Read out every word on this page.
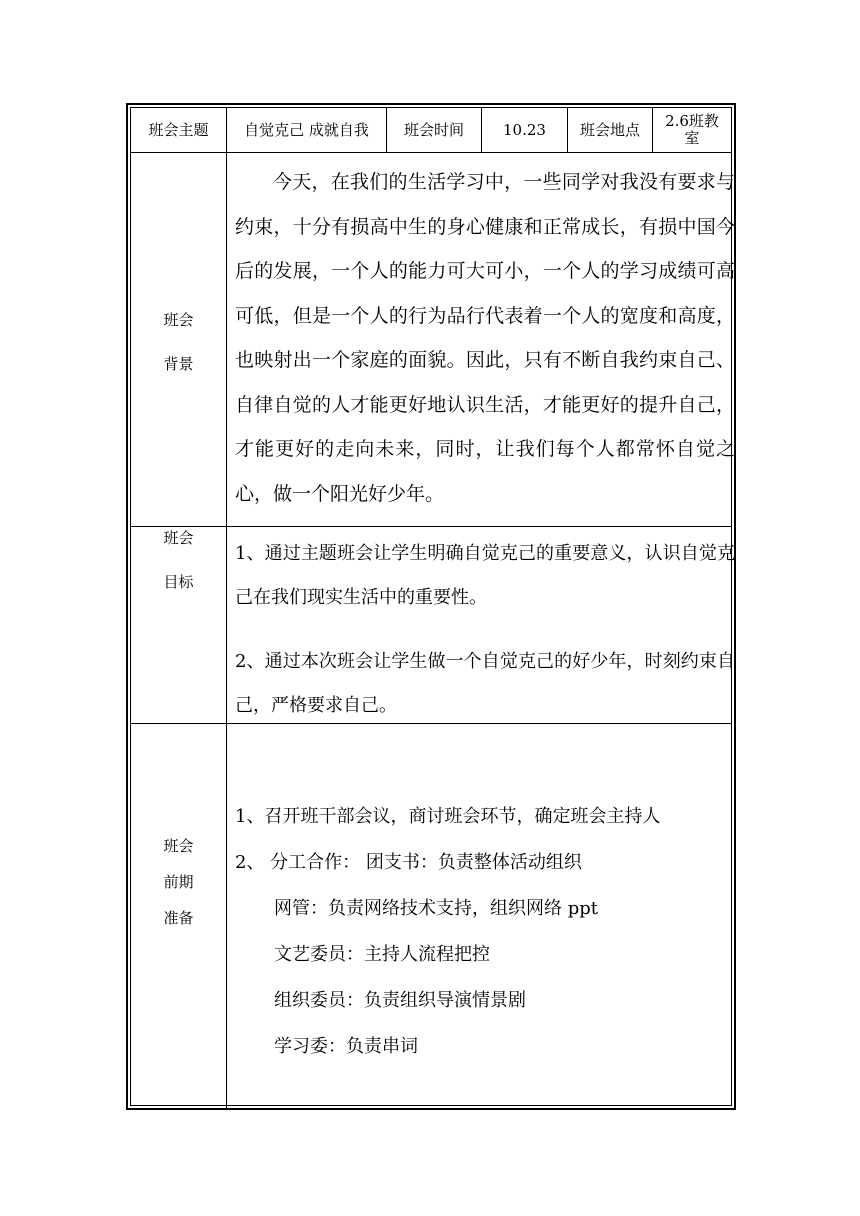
班会主题 自觉克己 成就自我 班会时间	10.23 班会地点 2.6班教
室
班会
背景
今天，在我们的生活学习中，一些同学对我没有要求与约束，十分有损高中生的身心健康和正常成长，有损中国今后的发展，一个人的能力可大可小，一个人的学习成绩可高可低，但是一个人的行为品行代表着一个人的宽度和高度，也映射出一个家庭的面貌。因此，只有不断自我约束自己、自律自觉的人才能更好地认识生活，才能更好的提升自己，才能更好的走向未来，同时，让我们每个人都常怀自觉之心，做一个阳光好少年。
班会
目标
1、通过主题班会让学生明确自觉克己的重要意义，认识自觉克己在我们现实生活中的重要性。
2、通过本次班会让学生做一个自觉克己的好少年，时刻约束自己，严格要求自己。
班会
前期
准备
1、召开班干部会议，商讨班会环节，确定班会主持人
2、 分工合作： 团支书：负责整体活动组织
网管：负责网络技术支持，组织网络 ppt
文艺委员：主持人流程把控
组织委员：负责组织导演情景剧
学习委：负责串词
